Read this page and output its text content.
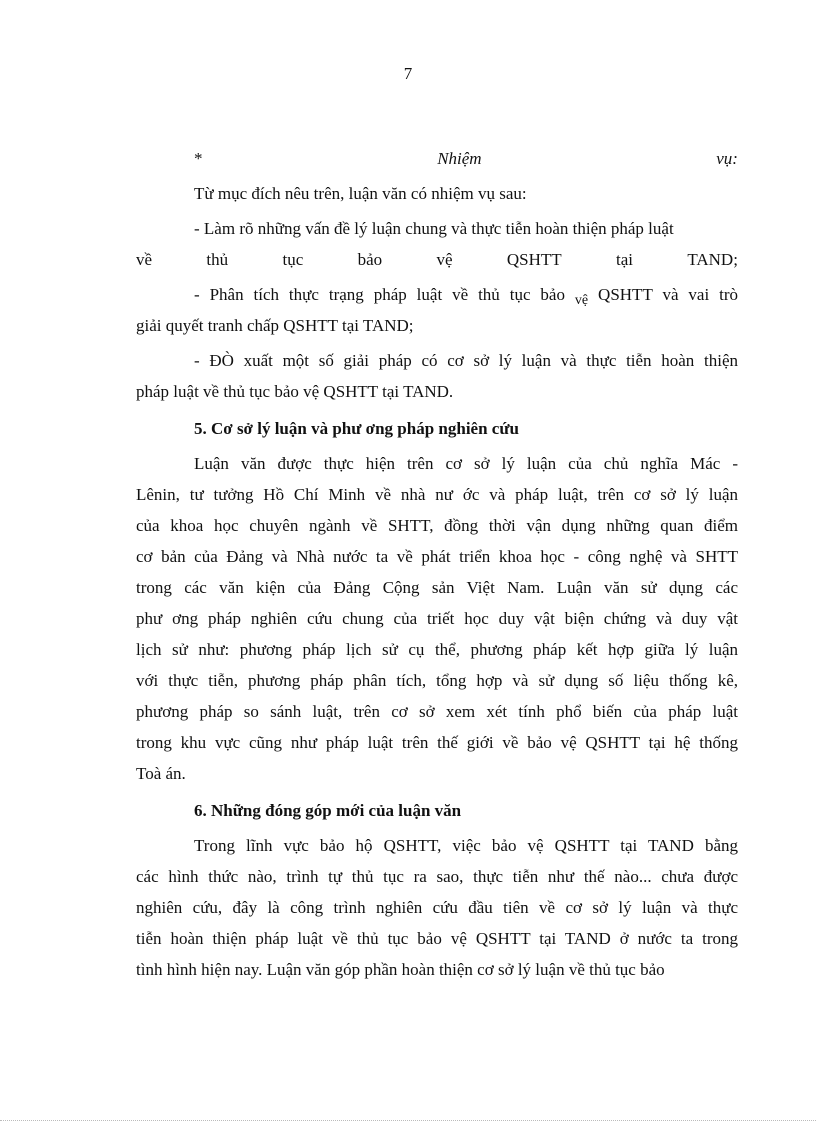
7
*	Nhiệm	vụ:
Từ mục đích nêu trên, luận văn có nhiệm vụ sau:
- Làm rõ những vấn đề lý luận chung và thực tiễn hoàn thiện pháp luật
về	thủ	tục	bảo	vệ	QSHTT	tại	TAND;
- Phân tích thực trạng pháp luật về thủ tục bảo $_{vệ}$ QSHTT và vai trò
giải quyết tranh chấp QSHTT tại TAND;
- ĐÒ xuất một số giải pháp có cơ sở lý luận và thực tiễn hoàn thiện
pháp luật về thủ tục bảo vệ QSHTT tại TAND.
5. Cơ sở lý luận và phư ơng pháp nghiên cứu
Luận văn được thực hiện trên cơ sở lý luận của chủ nghĩa Mác -
Lênin, tư tưởng Hồ Chí Minh về nhà nư ớc và pháp luật, trên cơ sở lý luận
của khoa học chuyên ngành về SHTT, đồng thời vận dụng những quan điểm
cơ bản của Đảng và Nhà nước ta về phát triển khoa học - công nghệ và SHTT
trong các văn kiện của Đảng Cộng sản Việt Nam. Luận văn sử dụng các
phư ơng pháp nghiên cứu chung của triết học duy vật biện chứng và duy vật
lịch sử như: phương pháp lịch sử cụ thể, phương pháp kết hợp giữa lý luận
với thực tiễn, phương pháp phân tích, tổng hợp và sử dụng số liệu thống kê,
phương pháp so sánh luật, trên cơ sở xem xét tính phổ biến của pháp luật
trong khu vực cũng như pháp luật trên thế giới về bảo vệ QSHTT tại hệ thống
Toà án.
6. Những đóng góp mới của luận văn
Trong lĩnh vực bảo hộ QSHTT, việc bảo vệ QSHTT tại TAND bằng
các hình thức nào, trình tự thủ tục ra sao, thực tiễn như thế nào... chưa được
nghiên cứu, đây là công trình nghiên cứu đầu tiên về cơ sở lý luận và thực
tiễn hoàn thiện pháp luật về thủ tục bảo vệ QSHTT tại TAND ở nước ta trong
tình hình hiện nay. Luận văn góp phần hoàn thiện cơ sở lý luận về thủ tục bảo
